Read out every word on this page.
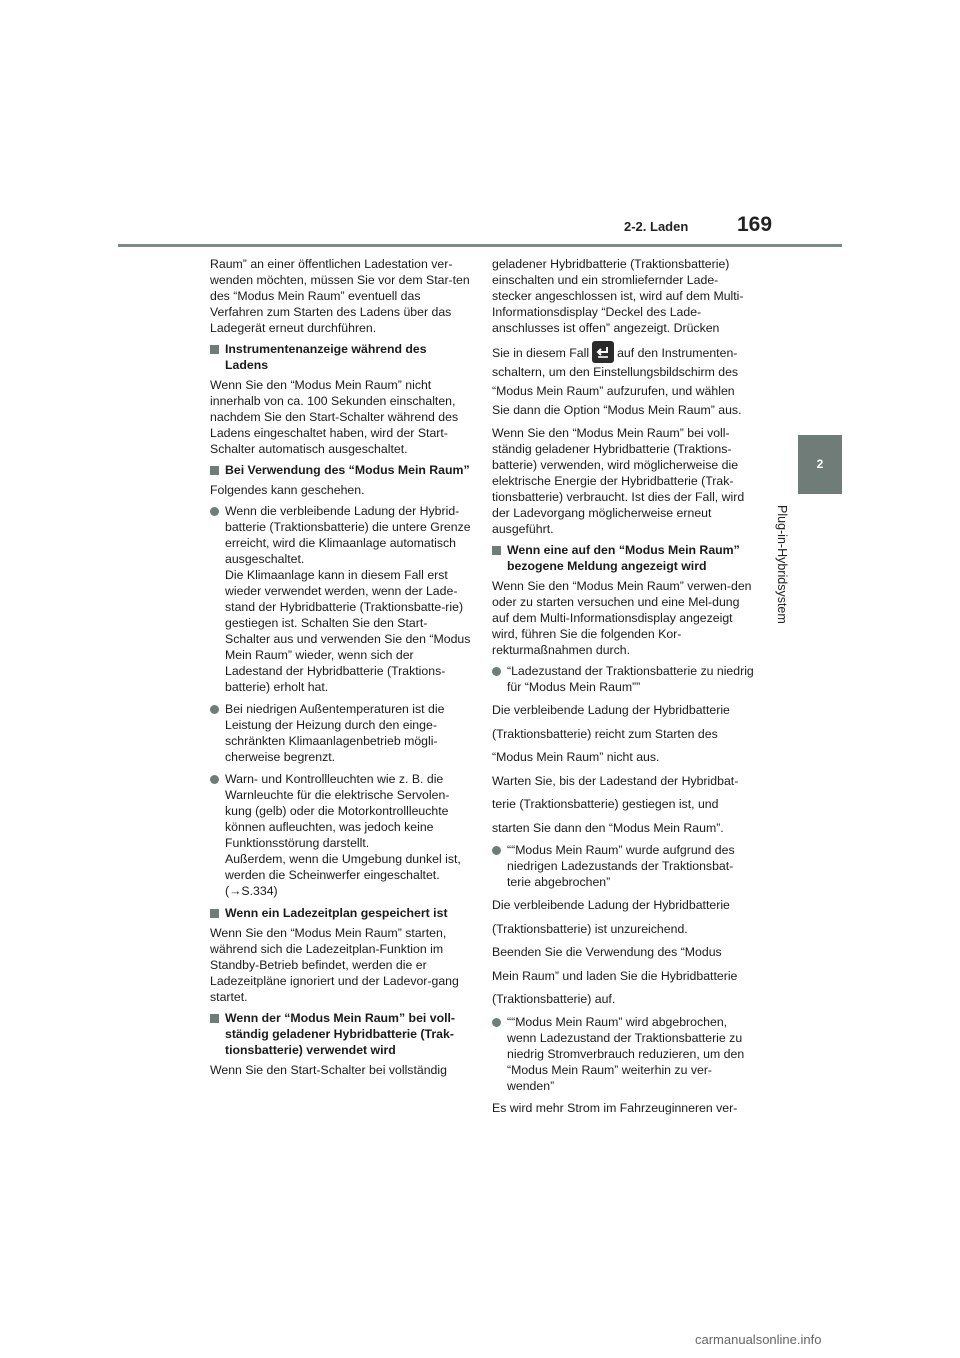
2-2. Laden 169
2
Plug-in-Hybridsystem

Raum” an einer öffentlichen Ladestation ver-wenden möchten, müssen Sie vor dem Star-ten des “Modus Mein Raum” eventuell das Verfahren zum Starten des Ladens über das Ladegerät erneut durchführen.

Instrumentenanzeige während des Ladens

Wenn Sie den “Modus Mein Raum” nicht innerhalb von ca. 100 Sekunden einschalten, nachdem Sie den Start-Schalter während des Ladens eingeschaltet haben, wird der Start-Schalter automatisch ausgeschaltet.

Bei Verwendung des “Modus Mein Raum”

Folgendes kann geschehen.

Wenn die verbleibende Ladung der Hybrid-batterie (Traktionsbatterie) die untere Grenze erreicht, wird die Klimaanlage automatisch ausgeschaltet.
Die Klimaanlage kann in diesem Fall erst wieder verwendet werden, wenn der Lade-stand der Hybridbatterie (Traktionsbatte-rie) gestiegen ist. Schalten Sie den Start-Schalter aus und verwenden Sie den “Modus Mein Raum” wieder, wenn sich der Ladestand der Hybridbatterie (Traktions-batterie) erholt hat.
Bei niedrigen Außentemperaturen ist die Leistung der Heizung durch den einge-schränkten Klimaanlagenbetrieb mögli-cherweise begrenzt.
Warn- und Kontrollleuchten wie z. B. die Warnleuchte für die elektrische Servolen-kung (gelb) oder die Motorkontrollleuchte können aufleuchten, was jedoch keine Funktionsstörung darstellt.
Außerdem, wenn die Umgebung dunkel ist, werden die Scheinwerfer eingeschaltet.
(→S.334)
Wenn ein Ladezeitplan gespeichert ist

Wenn Sie den “Modus Mein Raum” starten, während sich die Ladezeitplan-Funktion im Standby-Betrieb befindet, werden die er Ladezeitpläne ignoriert und der Ladevor-gang startet.

Wenn der “Modus Mein Raum” bei voll-ständig geladener Hybridbatterie (Trak-tionsbatterie) verwendet wird

Wenn Sie den Start-Schalter bei vollständig

geladener Hybridbatterie (Traktionsbatterie) einschalten und ein stromliefernder Lade-stecker angeschlossen ist, wird auf dem Multi-Informationsdisplay “Deckel des Lade-anschlusses ist offen” angezeigt. Drücken

Sie in diesem Fall auf den Instrumenten-schaltern, um den Einstellungsbildschirm des “Modus Mein Raum” aufzurufen, und wählen Sie dann die Option “Modus Mein Raum” aus.

Wenn Sie den “Modus Mein Raum” bei voll-ständig geladener Hybridbatterie (Traktions-batterie) verwenden, wird möglicherweise die elektrische Energie der Hybridbatterie (Trak-tionsbatterie) verbraucht. Ist dies der Fall, wird der Ladevorgang möglicherweise erneut ausgeführt.

Wenn eine auf den “Modus Mein Raum” bezogene Meldung angezeigt wird

Wenn Sie den “Modus Mein Raum” verwen-den oder zu starten versuchen und eine Mel-dung auf dem Multi-Informationsdisplay angezeigt wird, führen Sie die folgenden Kor-rekturmaßnahmen durch.

“Ladezustand der Traktionsbatterie zu niedrig für “Modus Mein Raum””

Die verbleibende Ladung der Hybridbatterie

(Traktionsbatterie) reicht zum Starten des

“Modus Mein Raum” nicht aus.

Warten Sie, bis der Ladestand der Hybridbat-

terie (Traktionsbatterie) gestiegen ist, und

starten Sie dann den “Modus Mein Raum”.

““Modus Mein Raum” wurde aufgrund des niedrigen Ladezustands der Traktionsbat-terie abgebrochen”

Die verbleibende Ladung der Hybridbatterie

(Traktionsbatterie) ist unzureichend.

Beenden Sie die Verwendung des “Modus

Mein Raum” und laden Sie die Hybridbatterie

(Traktionsbatterie) auf.

““Modus Mein Raum” wird abgebrochen, wenn Ladezustand der Traktionsbatterie zu niedrig Stromverbrauch reduzieren, um den “Modus Mein Raum” weiterhin zu ver-wenden”

Es wird mehr Strom im Fahrzeuginneren ver-

carmanualsonline.info
